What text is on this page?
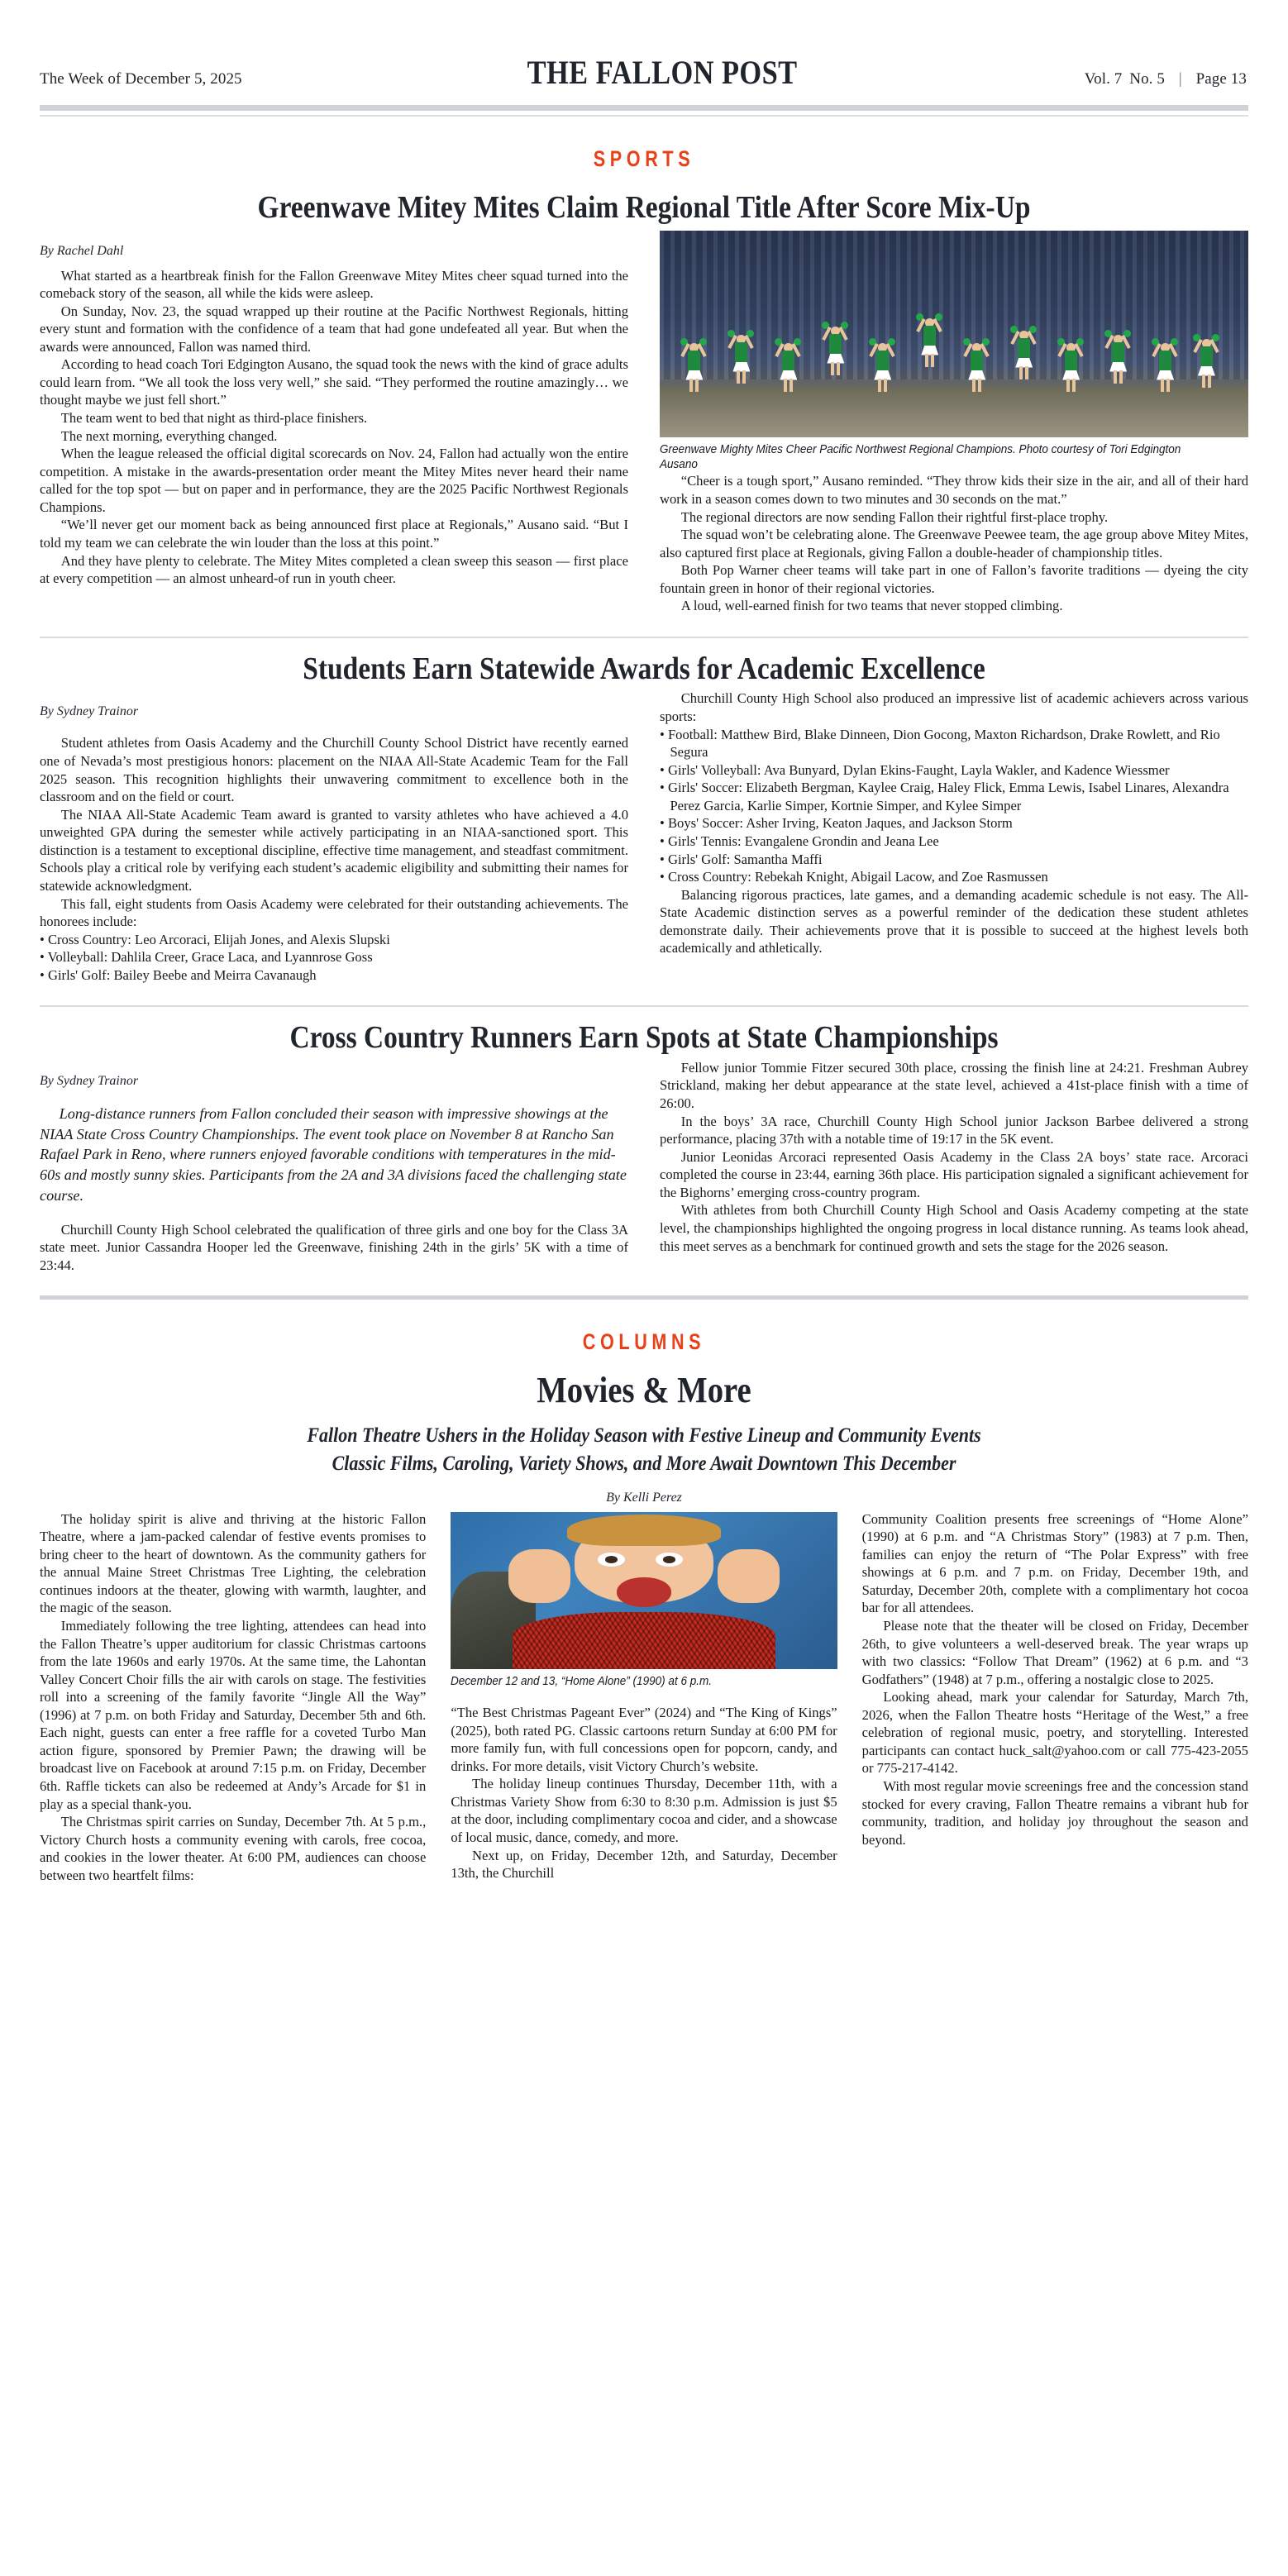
The Week of December 5, 2025	THE FALLON POST	Vol. 7 No. 5 | Page 13
SPORTS
Greenwave Mitey Mites Claim Regional Title After Score Mix-Up
By Rachel Dahl

What started as a heartbreak finish for the Fallon Greenwave Mitey Mites cheer squad turned into the comeback story of the season, all while the kids were asleep.

On Sunday, Nov. 23, the squad wrapped up their routine at the Pacific Northwest Regionals, hitting every stunt and formation with the confidence of a team that had gone undefeated all year. But when the awards were announced, Fallon was named third.

According to head coach Tori Edgington Ausano, the squad took the news with the kind of grace adults could learn from. “We all took the loss very well,” she said. “They performed the routine amazingly… we thought maybe we just fell short.”

The team went to bed that night as third-place finishers.

The next morning, everything changed.

When the league released the official digital scorecards on Nov. 24, Fallon had actually won the entire competition. A mistake in the awards-presentation order meant the Mitey Mites never heard their name called for the top spot — but on paper and in performance, they are the 2025 Pacific Northwest Regionals Champions.

“We’ll never get our moment back as being announced first place at Regionals,” Ausano said. “But I told my team we can celebrate the win louder than the loss at this point.”

And they have plenty to celebrate. The Mitey Mites completed a clean sweep this season — first place at every competition — an almost unheard-of run in youth cheer.

Greenwave Mighty Mites Cheer Pacific Northwest Regional Champions. Photo courtesy of Tori Edgington Ausano

“Cheer is a tough sport,” Ausano reminded. “They throw kids their size in the air, and all of their hard work in a season comes down to two minutes and 30 seconds on the mat.”

The regional directors are now sending Fallon their rightful first-place trophy.

The squad won’t be celebrating alone. The Greenwave Peewee team, the age group above Mitey Mites, also captured first place at Regionals, giving Fallon a double-header of championship titles.

Both Pop Warner cheer teams will take part in one of Fallon’s favorite traditions — dyeing the city fountain green in honor of their regional victories.

A loud, well-earned finish for two teams that never stopped climbing.

Students Earn Statewide Awards for Academic Excellence
By Sydney Trainor

Student athletes from Oasis Academy and the Churchill County School District have recently earned one of Nevada’s most prestigious honors: placement on the NIAA All-State Academic Team for the Fall 2025 season. This recognition highlights their unwavering commitment to excellence both in the classroom and on the field or court.

The NIAA All-State Academic Team award is granted to varsity athletes who have achieved a 4.0 unweighted GPA during the semester while actively participating in an NIAA-sanctioned sport. This distinction is a testament to exceptional discipline, effective time management, and steadfast commitment. Schools play a critical role by verifying each student’s academic eligibility and submitting their names for statewide acknowledgment.

This fall, eight students from Oasis Academy were celebrated for their outstanding achievements. The honorees include:

• Cross Country: Leo Arcoraci, Elijah Jones, and Alexis Slupski
• Volleyball: Dahlila Creer, Grace Laca, and Lyannrose Goss
• Girls' Golf: Bailey Beebe and Meirra Cavanaugh

Churchill County High School also produced an impressive list of academic achievers across various sports:

• Football: Matthew Bird, Blake Dinneen, Dion Gocong, Maxton Richardson, Drake Rowlett, and Rio Segura
• Girls' Volleyball: Ava Bunyard, Dylan Ekins-Faught, Layla Wakler, and Kadence Wiessmer
• Girls' Soccer: Elizabeth Bergman, Kaylee Craig, Haley Flick, Emma Lewis, Isabel Linares, Alexandra Perez Garcia, Karlie Simper, Kortnie Simper, and Kylee Simper
• Boys' Soccer: Asher Irving, Keaton Jaques, and Jackson Storm
• Girls' Tennis: Evangalene Grondin and Jeana Lee
• Girls' Golf: Samantha Maffi
• Cross Country: Rebekah Knight, Abigail Lacow, and Zoe Rasmussen

Balancing rigorous practices, late games, and a demanding academic schedule is not easy. The All-State Academic distinction serves as a powerful reminder of the dedication these student athletes demonstrate daily. Their achievements prove that it is possible to succeed at the highest levels both academically and athletically.

Cross Country Runners Earn Spots at State Championships
By Sydney Trainor

Long-distance runners from Fallon concluded their season with impressive showings at the NIAA State Cross Country Championships. The event took place on November 8 at Rancho San Rafael Park in Reno, where runners enjoyed favorable conditions with temperatures in the mid-60s and mostly sunny skies. Participants from the 2A and 3A divisions faced the challenging state course.

Churchill County High School celebrated the qualification of three girls and one boy for the Class 3A state meet. Junior Cassandra Hooper led the Greenwave, finishing 24th in the girls’ 5K with a time of 23:44.

Fellow junior Tommie Fitzer secured 30th place, crossing the finish line at 24:21. Freshman Aubrey Strickland, making her debut appearance at the state level, achieved a 41st-place finish with a time of 26:00.

In the boys’ 3A race, Churchill County High School junior Jackson Barbee delivered a strong performance, placing 37th with a notable time of 19:17 in the 5K event.

Junior Leonidas Arcoraci represented Oasis Academy in the Class 2A boys’ state race. Arcoraci completed the course in 23:44, earning 36th place. His participation signaled a significant achievement for the Bighorns’ emerging cross-country program.

With athletes from both Churchill County High School and Oasis Academy competing at the state level, the championships highlighted the ongoing progress in local distance running. As teams look ahead, this meet serves as a benchmark for continued growth and sets the stage for the 2026 season.

COLUMNS
Movies & More
Fallon Theatre Ushers in the Holiday Season with Festive Lineup and Community Events
Classic Films, Caroling, Variety Shows, and More Await Downtown This December
By Kelli Perez

The holiday spirit is alive and thriving at the historic Fallon Theatre, where a jam-packed calendar of festive events promises to bring cheer to the heart of downtown. As the community gathers for the annual Maine Street Christmas Tree Lighting, the celebration continues indoors at the theater, glowing with warmth, laughter, and the magic of the season.

Immediately following the tree lighting, attendees can head into the Fallon Theatre’s upper auditorium for classic Christmas cartoons from the late 1960s and early 1970s. At the same time, the Lahontan Valley Concert Choir fills the air with carols on stage. The festivities roll into a screening of the family favorite “Jingle All the Way” (1996) at 7 p.m. on both Friday and Saturday, December 5th and 6th. Each night, guests can enter a free raffle for a coveted Turbo Man action figure, sponsored by Premier Pawn; the drawing will be broadcast live on Facebook at around 7:15 p.m. on Friday, December 6th. Raffle tickets can also be redeemed at Andy’s Arcade for $1 in play as a special thank-you.

The Christmas spirit carries on Sunday, December 7th. At 5 p.m., Victory Church hosts a community evening with carols, free cocoa, and cookies in the lower theater. At 6:00 PM, audiences can choose between two heartfelt films:

December 12 and 13, “Home Alone” (1990) at 6 p.m.

“The Best Christmas Pageant Ever” (2024) and “The King of Kings” (2025), both rated PG. Classic cartoons return Sunday at 6:00 PM for more family fun, with full concessions open for popcorn, candy, and drinks. For more details, visit Victory Church’s website.

The holiday lineup continues Thursday, December 11th, with a Christmas Variety Show from 6:30 to 8:30 p.m. Admission is just $5 at the door, including complimentary cocoa and cider, and a showcase of local music, dance, comedy, and more.

Next up, on Friday, December 12th, and Saturday, December 13th, the Churchill

Community Coalition presents free screenings of “Home Alone” (1990) at 6 p.m. and “A Christmas Story” (1983) at 7 p.m. Then, families can enjoy the return of “The Polar Express” with free showings at 6 p.m. and 7 p.m. on Friday, December 19th, and Saturday, December 20th, complete with a complimentary hot cocoa bar for all attendees.

Please note that the theater will be closed on Friday, December 26th, to give volunteers a well-deserved break. The year wraps up with two classics: “Follow That Dream” (1962) at 6 p.m. and “3 Godfathers” (1948) at 7 p.m., offering a nostalgic close to 2025.

Looking ahead, mark your calendar for Saturday, March 7th, 2026, when the Fallon Theatre hosts “Heritage of the West,” a free celebration of regional music, poetry, and storytelling. Interested participants can contact huck_salt@yahoo.com or call 775-423-2055 or 775-217-4142.

With most regular movie screenings free and the concession stand stocked for every craving, Fallon Theatre remains a vibrant hub for community, tradition, and holiday joy throughout the season and beyond.
